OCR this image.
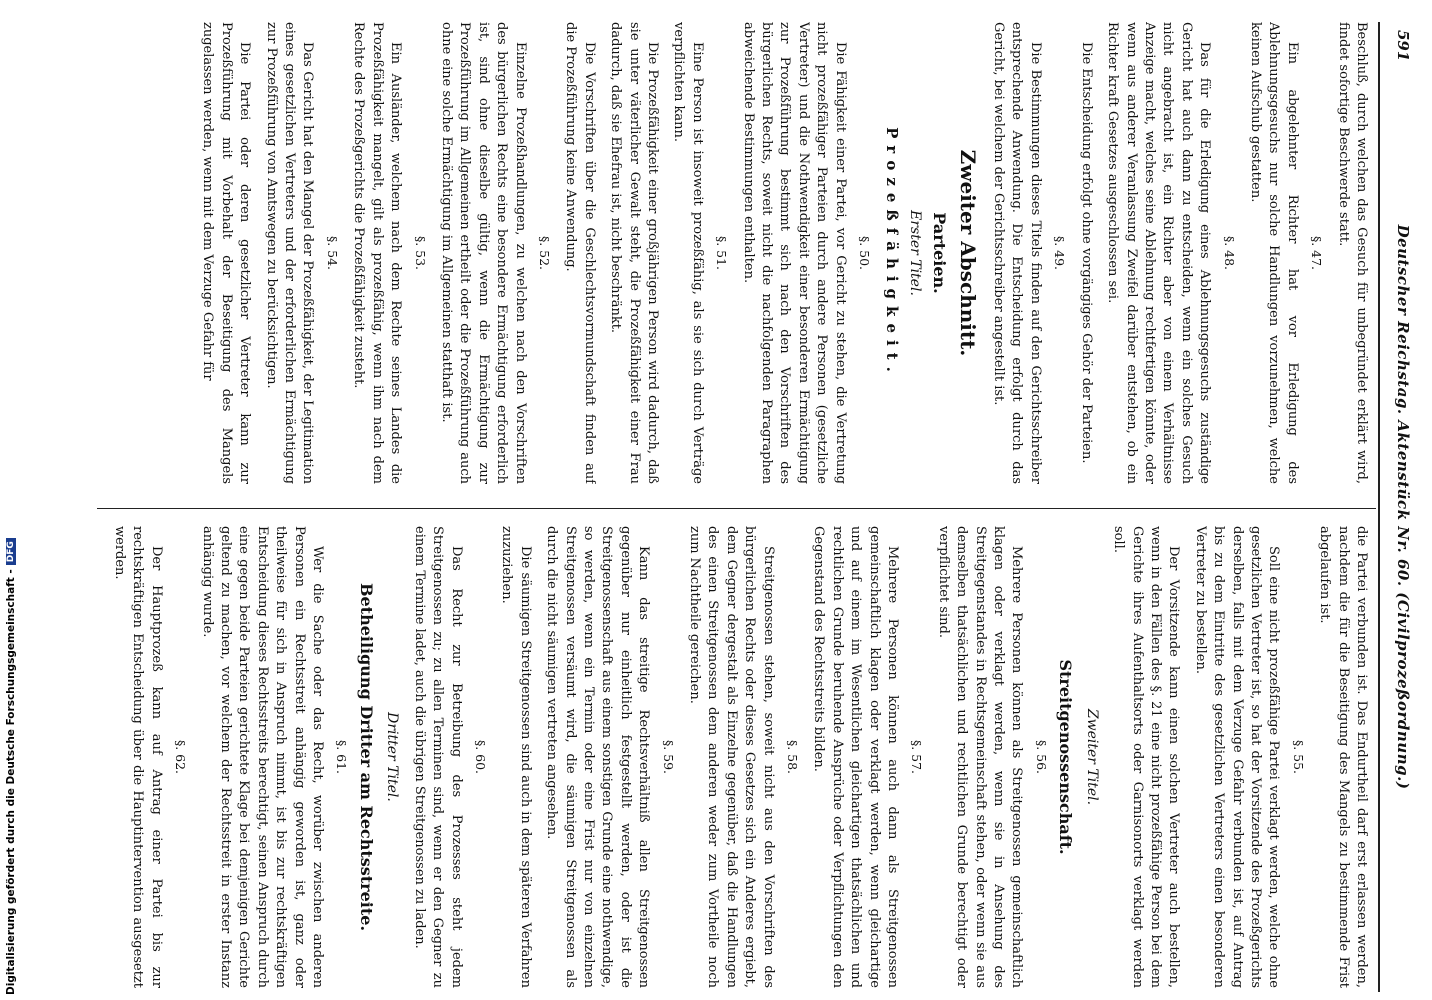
591
Deutscher Reichstag. Aktenstück Nr. 60. (Civilprozeßordnung.)

Beschluß, durch welchen das Gesuch für unbegründet erklärt wird, findet sofortige Beschwerde statt.

§. 47.

Ein abgelehnter Richter hat vor Erledigung des Ablehnungsgesuchs nur solche Handlungen vorzunehmen, welche keinen Aufschub gestatten.

§. 48.

Das für die Erledigung eines Ablehnungsgesuchs zuständige Gericht hat auch dann zu entscheiden, wenn ein solches Gesuch nicht angebracht ist, ein Richter aber von einem Verhältnisse Anzeige macht, welches seine Ablehnung rechtfertigen könnte, oder wenn aus anderer Veranlassung Zweifel darüber entstehen, ob ein Richter kraft Gesetzes ausgeschlossen sei.

Die Entscheidung erfolgt ohne vorgängiges Gehör der Parteien.

§. 49.

Die Bestimmungen dieses Titels finden auf den Gerichtsschreiber entsprechende Anwendung. Die Entscheidung erfolgt durch das Gericht, bei welchem der Gerichtsschreiber angestellt ist.

Zweiter Abschnitt.
Parteien.
Erster Titel.
Prozeßfähigkeit.
§. 50.

Die Fähigkeit einer Partei, vor Gericht zu stehen, die Vertretung nicht prozeßfähiger Parteien durch andere Personen (gesetzliche Vertreter) und die Nothwendigkeit einer besonderen Ermächtigung zur Prozeßführung bestimmt sich nach den Vorschriften des bürgerlichen Rechts, soweit nicht die nachfolgenden Paragraphen abweichende Bestimmungen enthalten.

§. 51.

Eine Person ist insoweit prozeßfähig, als sie sich durch Verträge verpflichten kann.

Die Prozeßfähigkeit einer großjährigen Person wird dadurch, daß sie unter väterlicher Gewalt steht, die Prozeßfähigkeit einer Frau dadurch, daß sie Ehefrau ist, nicht beschränkt.

Die Vorschriften über die Geschlechtsvormundschaft finden auf die Prozeßführung keine Anwendung.

§. 52.

Einzelne Prozeßhandlungen, zu welchen nach den Vorschriften des bürgerlichen Rechts eine besondere Ermächtigung erforderlich ist, sind ohne dieselbe gültig, wenn die Ermächtigung zur Prozeßführung im Allgemeinen ertheilt oder die Prozeßführung auch ohne eine solche Ermächtigung im Allgemeinen statthaft ist.

§. 53.

Ein Ausländer, welchem nach dem Rechte seines Landes die Prozeßfähigkeit mangelt, gilt als prozeßfähig, wenn ihm nach dem Rechte des Prozeßgerichts die Prozeßfähigkeit zusteht.

§. 54.

Das Gericht hat den Mangel der Prozeßfähigkeit, der Legitimation eines gesetzlichen Vertreters und der erforderlichen Ermächtigung zur Prozeßführung von Amtswegen zu berücksichtigen.

Die Partei oder deren gesetzlicher Vertreter kann zur Prozeßführung mit Vorbehalt der Beseitigung des Mangels zugelassen werden, wenn mit dem Verzuge Gefahr für

die Partei verbunden ist. Das Endurtheil darf erst erlassen werden, nachdem die für die Beseitigung des Mangels zu bestimmende Frist abgelaufen ist.

§. 55.

Soll eine nicht prozeßfähige Partei verklagt werden, welche ohne gesetzlichen Vertreter ist, so hat der Vorsitzende des Prozeßgerichts derselben, falls mit dem Verzuge Gefahr verbunden ist, auf Antrag bis zu dem Eintritte des gesetzlichen Vertreters einen besonderen Vertreter zu bestellen.

Der Vorsitzende kann einen solchen Vertreter auch bestellen, wenn in den Fällen des §. 21 eine nicht prozeßfähige Person bei dem Gerichte ihres Aufenthaltsorts oder Garnisonorts verklagt werden soll.

Zweiter Titel.
Streitgenossenschaft.
§. 56.

Mehrere Personen können als Streitgenossen gemeinschaftlich klagen oder verklagt werden, wenn sie in Ansehung des Streitgegenstandes in Rechtsgemeinschaft stehen, oder wenn sie aus demselben thatsächlichen und rechtlichen Grunde berechtigt oder verpflichtet sind.

§. 57.

Mehrere Personen können auch dann als Streitgenossen gemeinschaftlich klagen oder verklagt werden, wenn gleichartige und auf einem im Wesentlichen gleichartigen thatsächlichen und rechtlichen Grunde beruhende Ansprüche oder Verpflichtungen den Gegenstand des Rechtsstreits bilden.

§. 58.

Streitgenossen stehen, soweit nicht aus den Vorschriften des bürgerlichen Rechts oder dieses Gesetzes sich ein Anderes ergiebt, dem Gegner dergestalt als Einzelne gegenüber, daß die Handlungen des einen Streitgenossen dem anderen weder zum Vortheile noch zum Nachtheile gereichen.

§. 59.

Kann das streitige Rechtsverhältniß allen Streitgenossen gegenüber nur einheitlich festgestellt werden, oder ist die Streitgenossenschaft aus einem sonstigen Grunde eine nothwendige, so werden, wenn ein Termin oder eine Frist nur von einzelnen Streitgenossen versäumt wird, die säumigen Streitgenossen als durch die nicht säumigen vertreten angesehen.

Die säumigen Streitgenossen sind auch in dem späteren Verfahren zuzuziehen.

§. 60.

Das Recht zur Betreibung des Prozesses steht jedem Streitgenossen zu; zu allen Terminen sind, wenn er den Gegner zu einem Termine ladet, auch die übrigen Streitgenossen zu laden.

Dritter Titel.
Betheiligung Dritter am Rechtsstreite.
§. 61.

Wer die Sache oder das Recht, worüber zwischen anderen Personen ein Rechtsstreit anhängig geworden ist, ganz oder theilweise für sich in Anspruch nimmt, ist bis zur rechtskräftigen Entscheidung dieses Rechtsstreits berechtigt, seinen Anspruch durch eine gegen beide Parteien gerichtete Klage bei demjenigen Gerichte geltend zu machen, vor welchem der Rechtsstreit in erster Instanz anhängig wurde.

§. 62.

Der Hauptprozeß kann auf Antrag einer Partei bis zur rechtskräftigen Entscheidung über die Hauptintervention ausgesetzt werden.

Digitalisierung gefördert durch die Deutsche Forschungsgemeinschaft -DFG
